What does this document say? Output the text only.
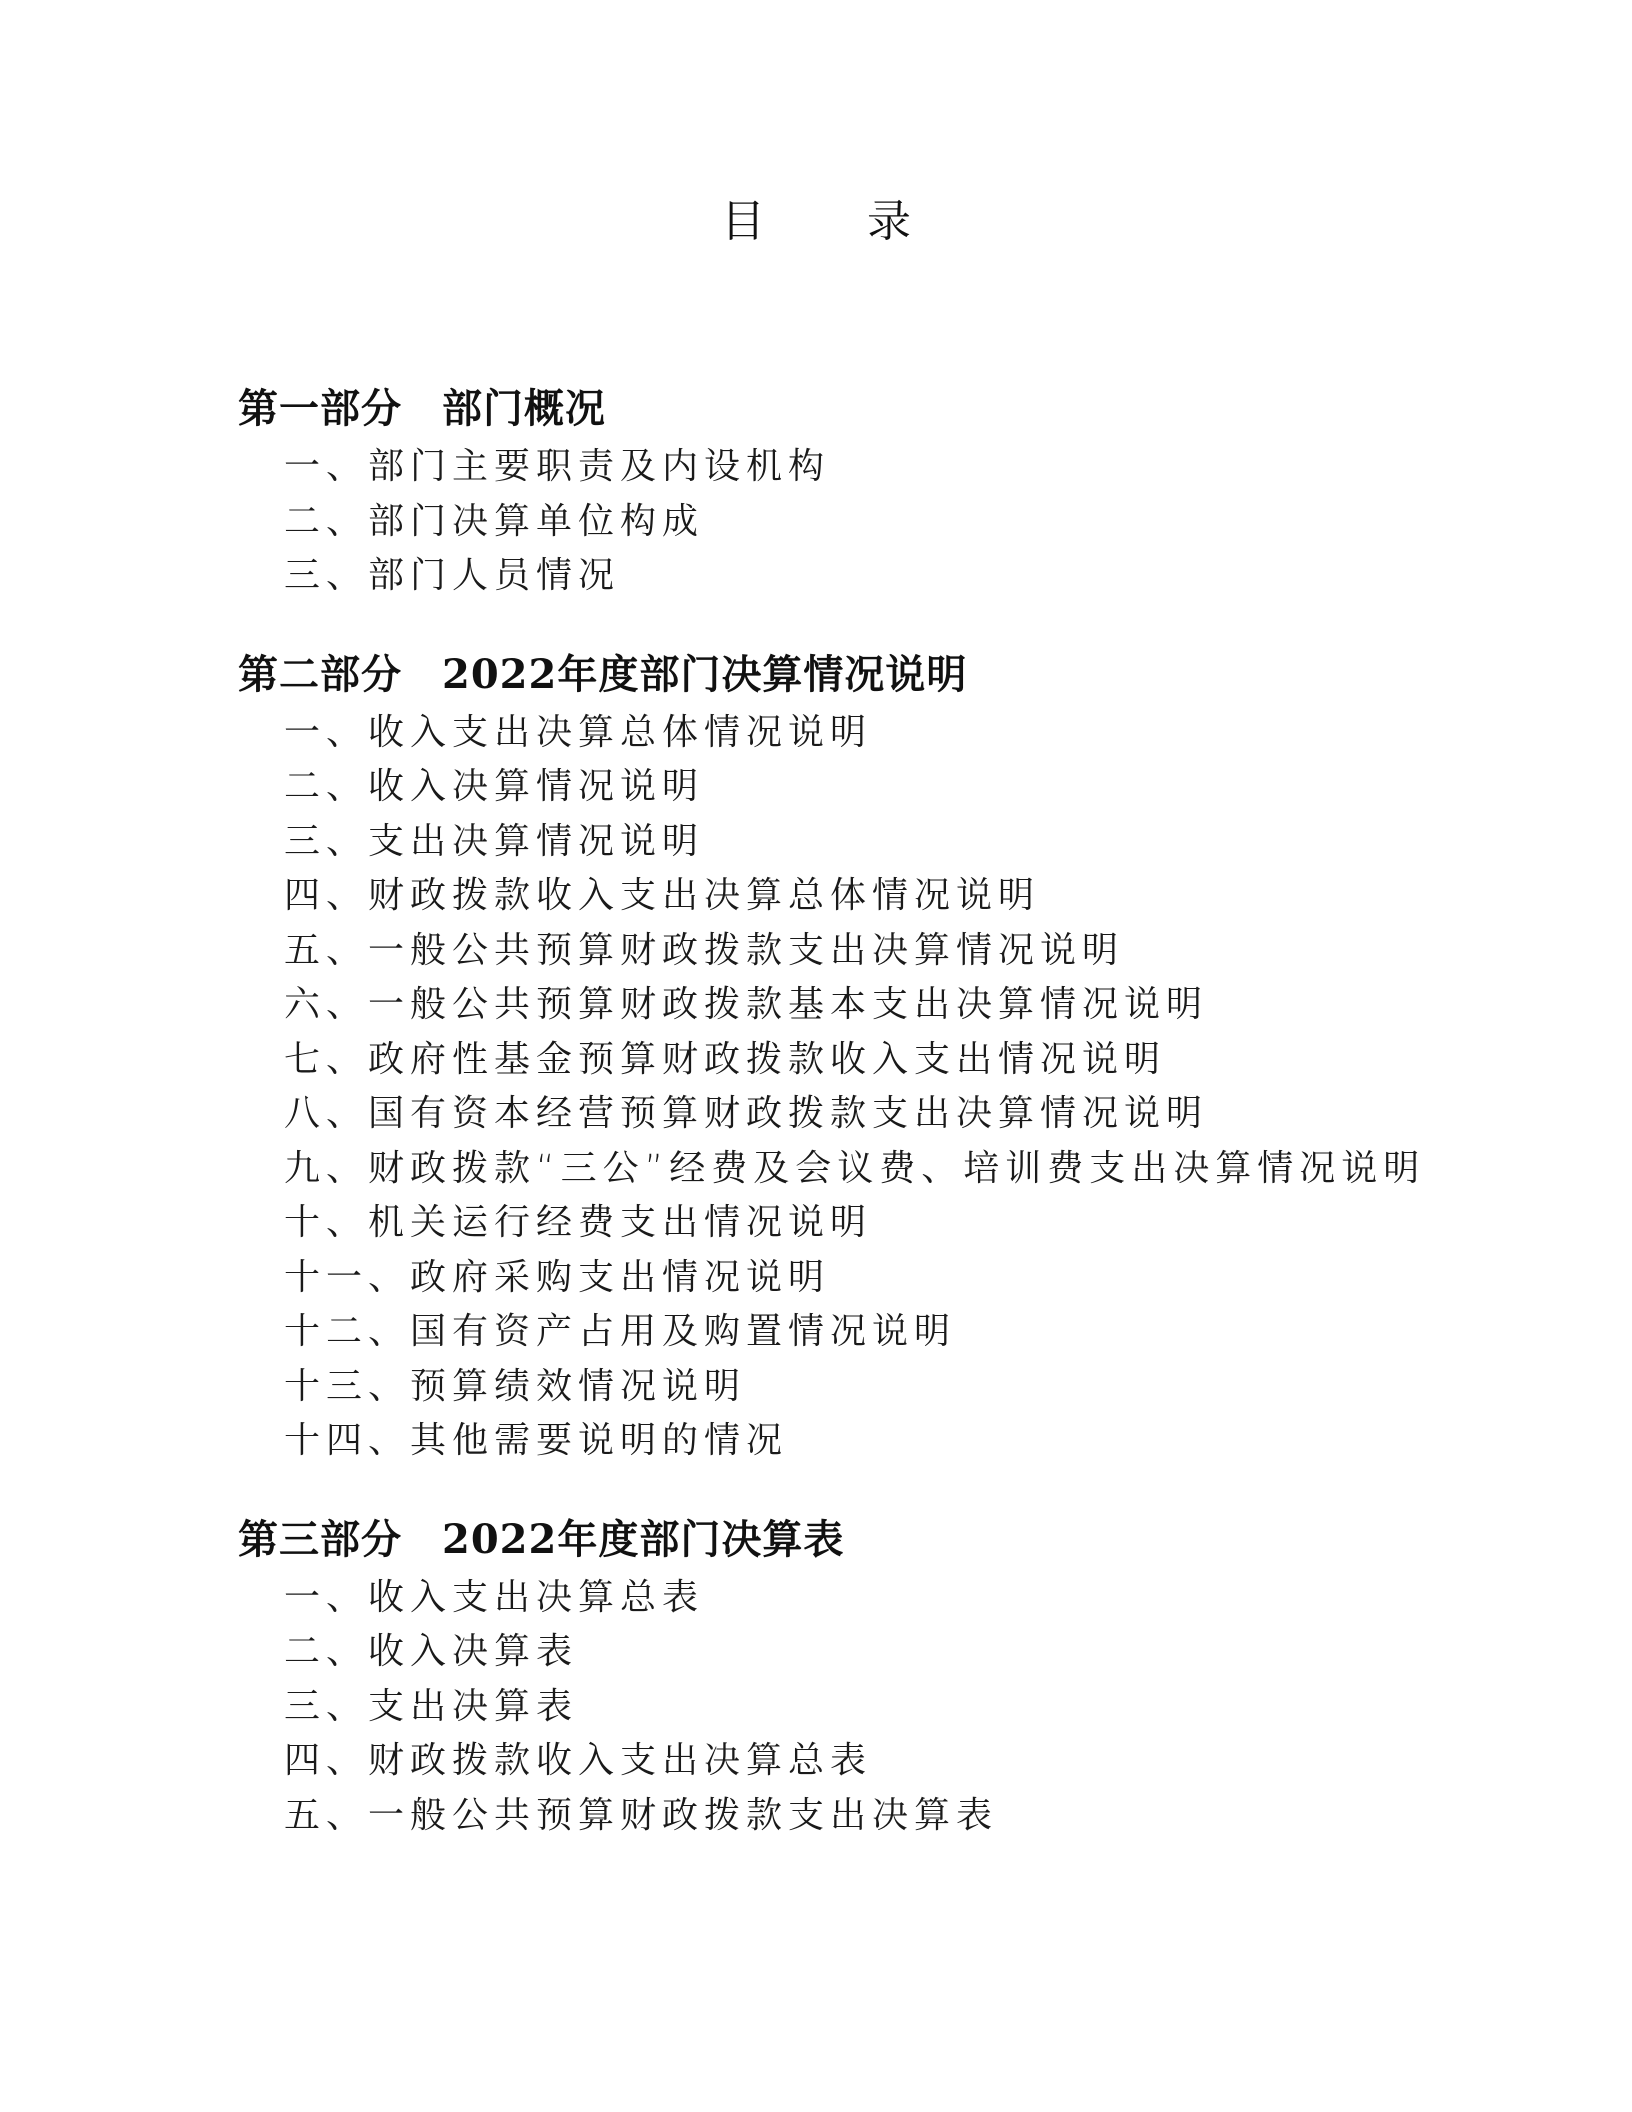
目 录
第一部分 部门概况
一、部门主要职责及内设机构
二、部门决算单位构成
三、部门人员情况
第二部分 2022年度部门决算情况说明
一、收入支出决算总体情况说明
二、收入决算情况说明
三、支出决算情况说明
四、财政拨款收入支出决算总体情况说明
五、一般公共预算财政拨款支出决算情况说明
六、一般公共预算财政拨款基本支出决算情况说明
七、政府性基金预算财政拨款收入支出情况说明
八、国有资本经营预算财政拨款支出决算情况说明
九、财政拨款“三公”经费及会议费、培训费支出决算情况说明
十、机关运行经费支出情况说明
十一、政府采购支出情况说明
十二、国有资产占用及购置情况说明
十三、预算绩效情况说明
十四、其他需要说明的情况
第三部分 2022年度部门决算表
一、收入支出决算总表
二、收入决算表
三、支出决算表
四、财政拨款收入支出决算总表
五、一般公共预算财政拨款支出决算表
